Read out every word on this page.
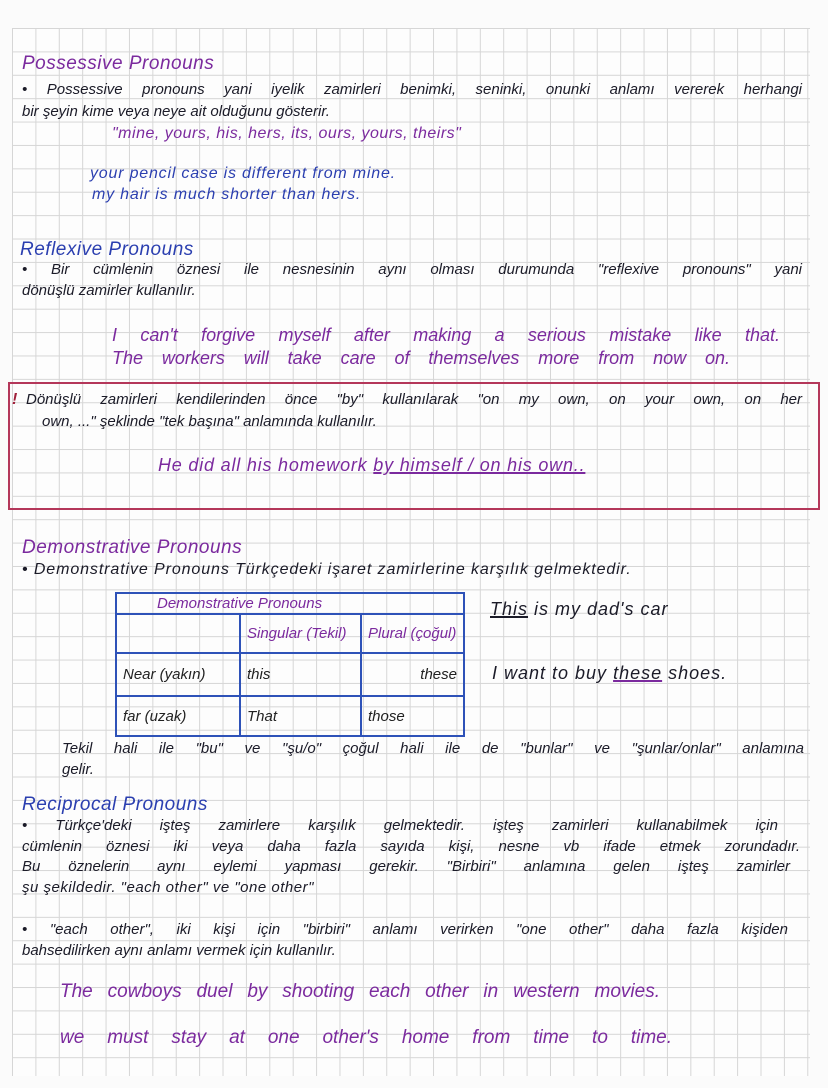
Possessive Pronouns
• Possessive pronouns yani iyelik zamirleri benimki, seninki, onunki anlamı vererek herhangi
bir şeyin kime veya neye ait olduğunu gösterir.
"mine, yours, his, hers, its, ours, yours, theirs"
your pencil case is different from mine.
my hair is much shorter than hers.
Reflexive Pronouns
• Bir cümlenin öznesi ile nesnesinin aynı olması durumunda "reflexive pronouns" yani
dönüşlü zamirler kullanılır.
I can't forgive myself after making a serious mistake like that.
The workers will take care of themselves more from now on.
! Dönüşlü zamirleri kendilerinden önce "by" kullanılarak "on my own, on your own, on her
own, ..." şeklinde "tek başına" anlamında kullanılır.
He did all his homework by himself / on his own..
Demonstrative Pronouns
• Demonstrative Pronouns Türkçedeki işaret zamirlerine karşılık gelmektedir.
Demonstrative Pronouns		
	Singular (Tekil)	Plural (çoğul)
Near (yakın)	this	these
far (uzak)	That	those
This is my dad's car
I want to buy these shoes.
Tekil hali ile "bu" ve "şu/o" çoğul hali ile de "bunlar" ve "şunlar/onlar" anlamına
gelir.
Reciprocal Pronouns
• Türkçe'deki işteş zamirlere karşılık gelmektedir. işteş zamirleri kullanabilmek için
cümlenin öznesi iki veya daha fazla sayıda kişi, nesne vb ifade etmek zorundadır.
Bu öznelerin aynı eylemi yapması gerekir. "Birbiri" anlamına gelen işteş zamirler
şu şekildedir. "each other" ve "one other"
• "each other", iki kişi için "birbiri" anlamı verirken "one other" daha fazla kişiden
bahsedilirken aynı anlamı vermek için kullanılır.
The cowboys duel by shooting each other in western movies.
we must stay at one other's home from time to time.
